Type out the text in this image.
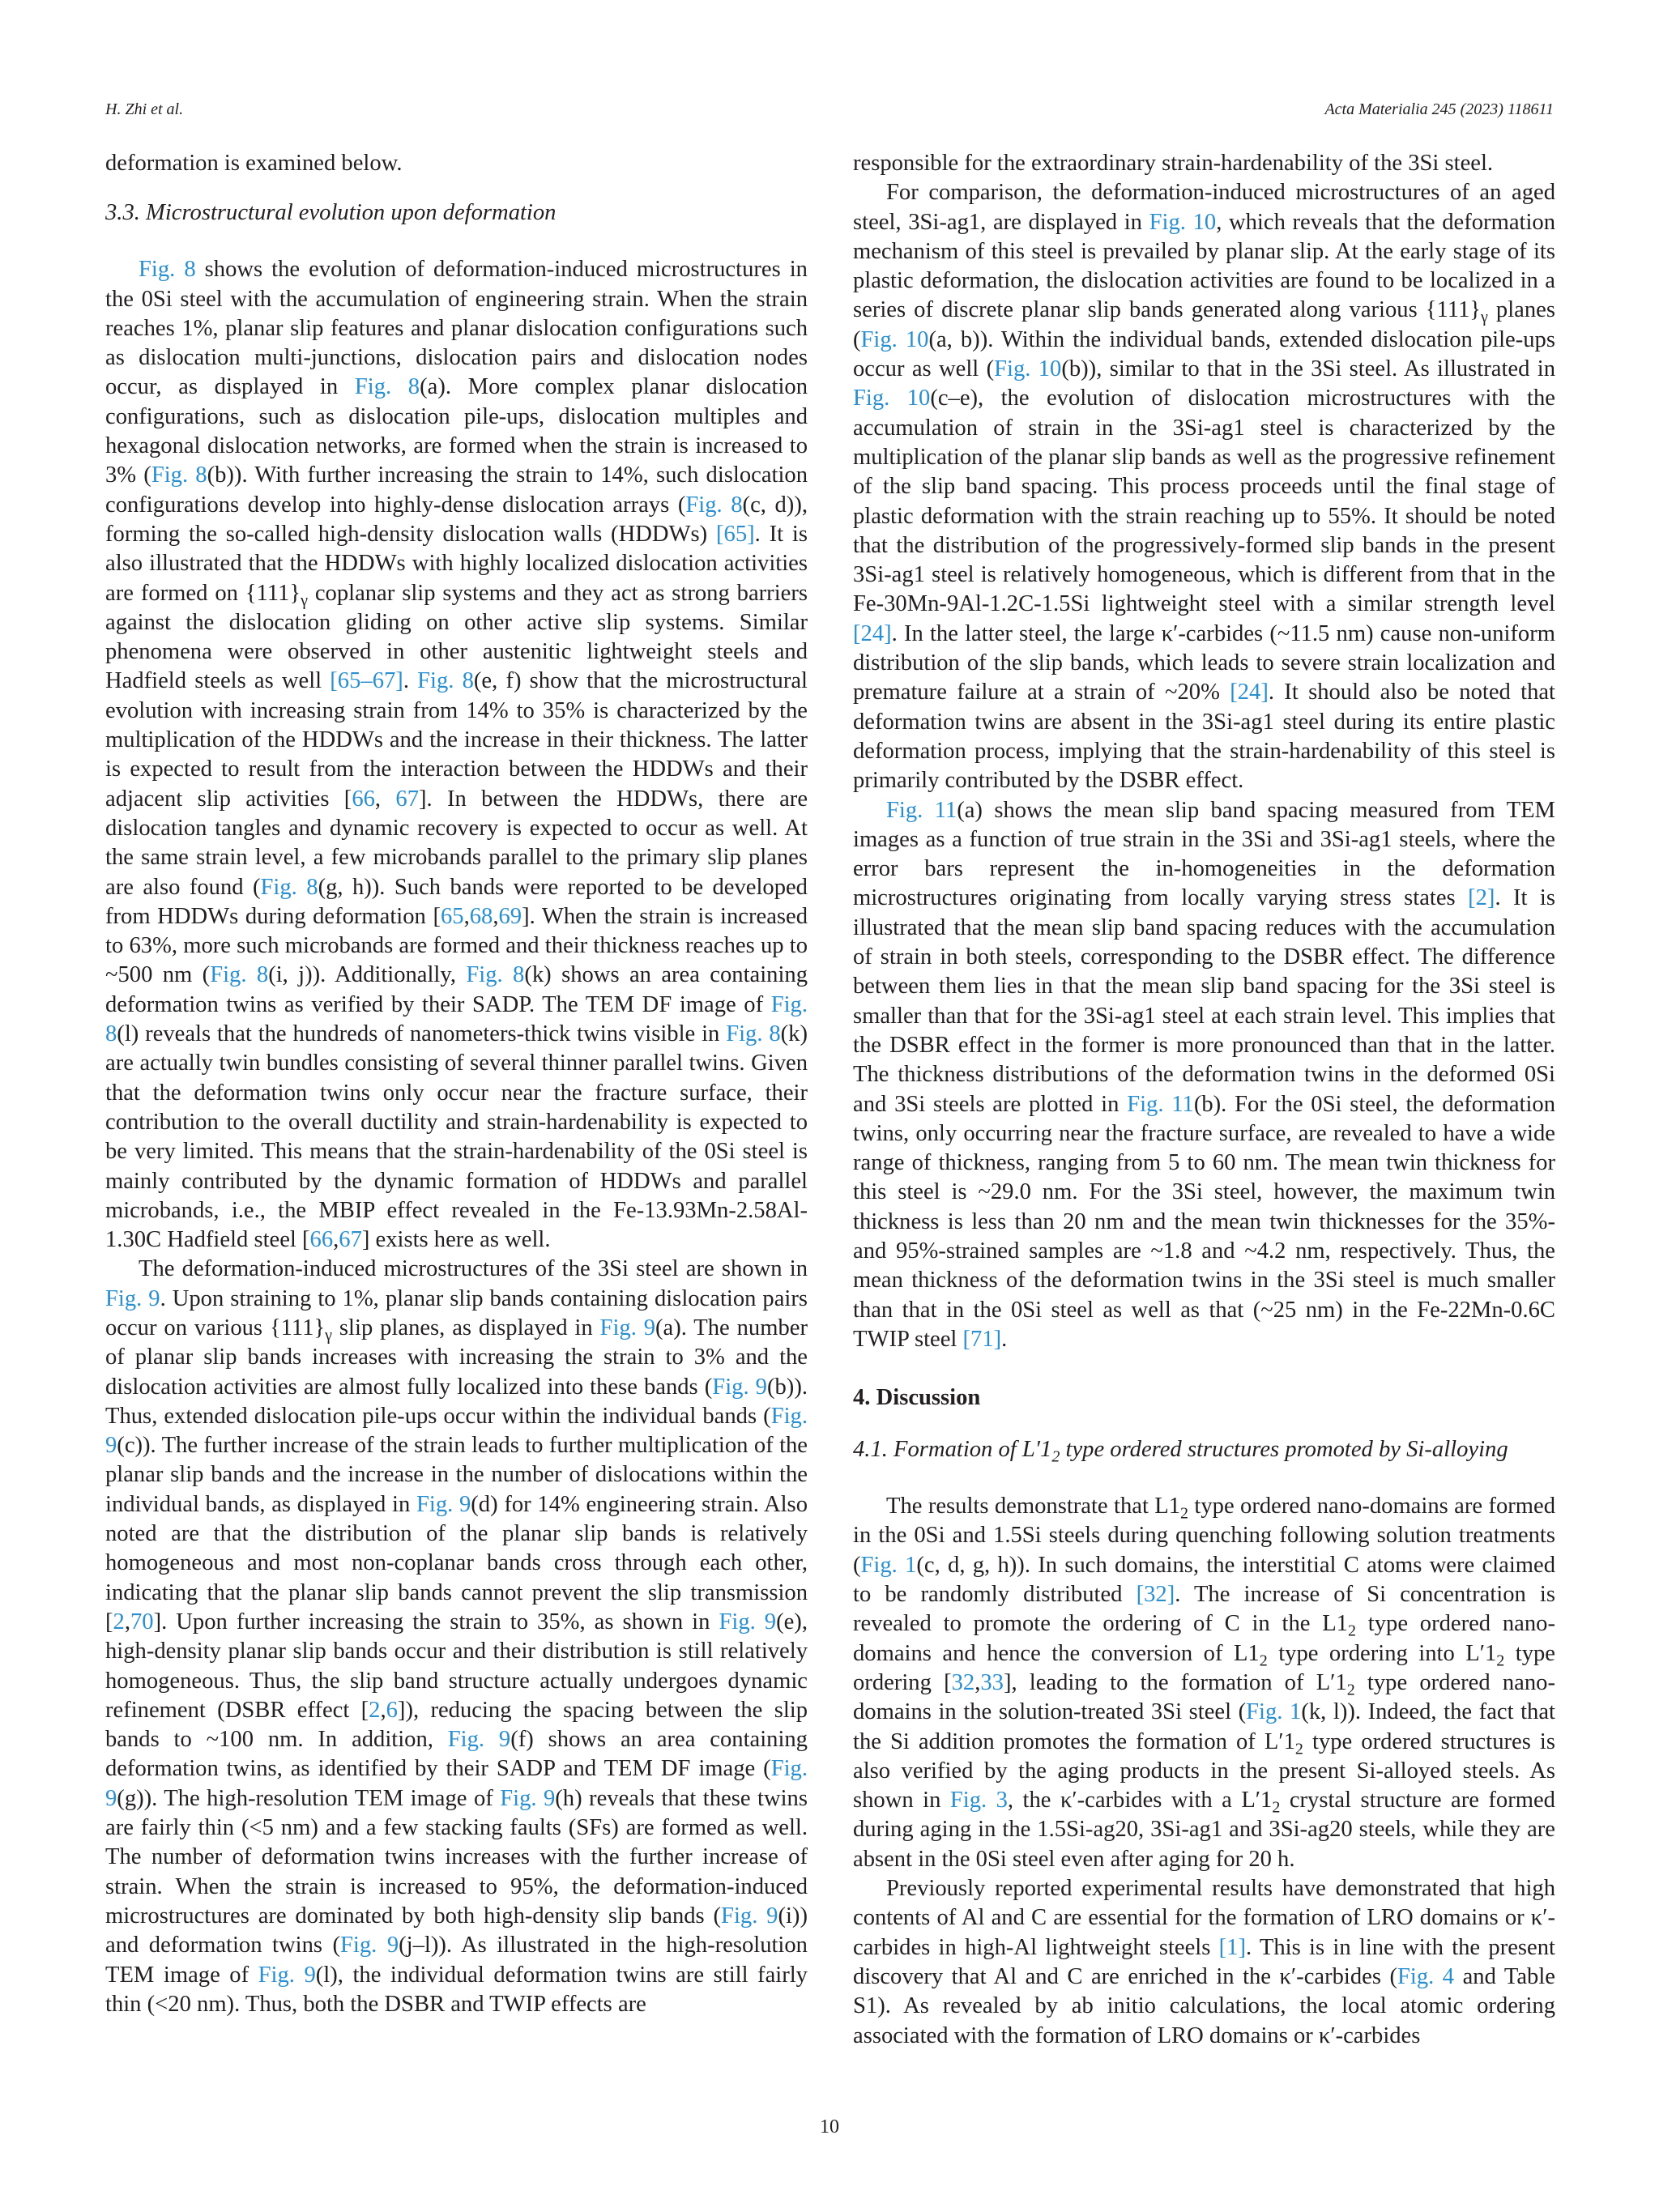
H. Zhi et al.	Acta Materialia 245 (2023) 118611

deformation is examined below.

3.3. Microstructural evolution upon deformation

Fig. 8 shows the evolution of deformation-induced microstructures in the 0Si steel with the accumulation of engineering strain. When the strain reaches 1%, planar slip features and planar dislocation configurations such as dislocation multi-junctions, dislocation pairs and dislocation nodes occur, as displayed in Fig. 8(a). More complex planar dislocation configurations, such as dislocation pile-ups, dislocation multiples and hexagonal dislocation networks, are formed when the strain is increased to 3% (Fig. 8(b)). With further increasing the strain to 14%, such dislocation configurations develop into highly-dense dislocation arrays (Fig. 8(c, d)), forming the so-called high-density dislocation walls (HDDWs) [65]. It is also illustrated that the HDDWs with highly localized dislocation activities are formed on $\{111\}_\gamma$ coplanar slip systems and they act as strong barriers against the dislocation gliding on other active slip systems. Similar phenomena were observed in other austenitic lightweight steels and Hadfield steels as well [65–67]. Fig. 8(e, f) show that the microstructural evolution with increasing strain from 14% to 35% is characterized by the multiplication of the HDDWs and the increase in their thickness. The latter is expected to result from the interaction between the HDDWs and their adjacent slip activities [66, 67]. In between the HDDWs, there are dislocation tangles and dynamic recovery is expected to occur as well. At the same strain level, a few microbands parallel to the primary slip planes are also found (Fig. 8(g, h)). Such bands were reported to be developed from HDDWs during deformation [65,68,69]. When the strain is increased to 63%, more such microbands are formed and their thickness reaches up to ~500 nm (Fig. 8(i, j)). Additionally, Fig. 8(k) shows an area containing deformation twins as verified by their SADP. The TEM DF image of Fig. 8(l) reveals that the hundreds of nanometers-thick twins visible in Fig. 8(k) are actually twin bundles consisting of several thinner parallel twins. Given that the deformation twins only occur near the fracture surface, their contribution to the overall ductility and strain-hardenability is expected to be very limited. This means that the strain-hardenability of the 0Si steel is mainly contributed by the dynamic formation of HDDWs and parallel microbands, i.e., the MBIP effect revealed in the Fe-13.93Mn-2.58Al-1.30C Hadfield steel [66,67] exists here as well.

The deformation-induced microstructures of the 3Si steel are shown in Fig. 9. Upon straining to 1%, planar slip bands containing dislocation pairs occur on various $\{111\}_\gamma$ slip planes, as displayed in Fig. 9(a). The number of planar slip bands increases with increasing the strain to 3% and the dislocation activities are almost fully localized into these bands (Fig. 9(b)). Thus, extended dislocation pile-ups occur within the individual bands (Fig. 9(c)). The further increase of the strain leads to further multiplication of the planar slip bands and the increase in the number of dislocations within the individual bands, as displayed in Fig. 9(d) for 14% engineering strain. Also noted are that the distribution of the planar slip bands is relatively homogeneous and most non-coplanar bands cross through each other, indicating that the planar slip bands cannot prevent the slip transmission [2,70]. Upon further increasing the strain to 35%, as shown in Fig. 9(e), high-density planar slip bands occur and their distribution is still relatively homogeneous. Thus, the slip band structure actually undergoes dynamic refinement (DSBR effect [2,6]), reducing the spacing between the slip bands to ~100 nm. In addition, Fig. 9(f) shows an area containing deformation twins, as identified by their SADP and TEM DF image (Fig. 9(g)). The high-resolution TEM image of Fig. 9(h) reveals that these twins are fairly thin (<5 nm) and a few stacking faults (SFs) are formed as well. The number of deformation twins increases with the further increase of strain. When the strain is increased to 95%, the deformation-induced microstructures are dominated by both high-density slip bands (Fig. 9(i)) and deformation twins (Fig. 9(j–l)). As illustrated in the high-resolution TEM image of Fig. 9(l), the individual deformation twins are still fairly thin (<20 nm). Thus, both the DSBR and TWIP effects are

responsible for the extraordinary strain-hardenability of the 3Si steel.

For comparison, the deformation-induced microstructures of an aged steel, 3Si-ag1, are displayed in Fig. 10, which reveals that the deformation mechanism of this steel is prevailed by planar slip. At the early stage of its plastic deformation, the dislocation activities are found to be localized in a series of discrete planar slip bands generated along various $\{111\}_\gamma$ planes (Fig. 10(a, b)). Within the individual bands, extended dislocation pile-ups occur as well (Fig. 10(b)), similar to that in the 3Si steel. As illustrated in Fig. 10(c–e), the evolution of dislocation microstructures with the accumulation of strain in the 3Si-ag1 steel is characterized by the multiplication of the planar slip bands as well as the progressive refinement of the slip band spacing. This process proceeds until the final stage of plastic deformation with the strain reaching up to 55%. It should be noted that the distribution of the progressively-formed slip bands in the present 3Si-ag1 steel is relatively homogeneous, which is different from that in the Fe-30Mn-9Al-1.2C-1.5Si lightweight steel with a similar strength level [24]. In the latter steel, the large κ′-carbides (~11.5 nm) cause non-uniform distribution of the slip bands, which leads to severe strain localization and premature failure at a strain of ~20% [24]. It should also be noted that deformation twins are absent in the 3Si-ag1 steel during its entire plastic deformation process, implying that the strain-hardenability of this steel is primarily contributed by the DSBR effect.

Fig. 11(a) shows the mean slip band spacing measured from TEM images as a function of true strain in the 3Si and 3Si-ag1 steels, where the error bars represent the in-homogeneities in the deformation microstructures originating from locally varying stress states [2]. It is illustrated that the mean slip band spacing reduces with the accumulation of strain in both steels, corresponding to the DSBR effect. The difference between them lies in that the mean slip band spacing for the 3Si steel is smaller than that for the 3Si-ag1 steel at each strain level. This implies that the DSBR effect in the former is more pronounced than that in the latter. The thickness distributions of the deformation twins in the deformed 0Si and 3Si steels are plotted in Fig. 11(b). For the 0Si steel, the deformation twins, only occurring near the fracture surface, are revealed to have a wide range of thickness, ranging from 5 to 60 nm. The mean twin thickness for this steel is ~29.0 nm. For the 3Si steel, however, the maximum twin thickness is less than 20 nm and the mean twin thicknesses for the 35%- and 95%-strained samples are ~1.8 and ~4.2 nm, respectively. Thus, the mean thickness of the deformation twins in the 3Si steel is much smaller than that in the 0Si steel as well as that (~25 nm) in the Fe-22Mn-0.6C TWIP steel [71].

4. Discussion
4.1. Formation of $L'1_2$ type ordered structures promoted by Si-alloying

The results demonstrate that $L1_2$ type ordered nano-domains are formed in the 0Si and 1.5Si steels during quenching following solution treatments (Fig. 1(c, d, g, h)). In such domains, the interstitial C atoms were claimed to be randomly distributed [32]. The increase of Si concentration is revealed to promote the ordering of C in the $L1_2$ type ordered nano-domains and hence the conversion of $L1_2$ type ordering into $L'1_2$ type ordering [32,33], leading to the formation of $L'1_2$ type ordered nano-domains in the solution-treated 3Si steel (Fig. 1(k, l)). Indeed, the fact that the Si addition promotes the formation of $L'1_2$ type ordered structures is also verified by the aging products in the present Si-alloyed steels. As shown in Fig. 3, the κ′-carbides with a $L'1_2$ crystal structure are formed during aging in the 1.5Si-ag20, 3Si-ag1 and 3Si-ag20 steels, while they are absent in the 0Si steel even after aging for 20 h.

Previously reported experimental results have demonstrated that high contents of Al and C are essential for the formation of LRO domains or κ′-carbides in high-Al lightweight steels [1]. This is in line with the present discovery that Al and C are enriched in the κ′-carbides (Fig. 4 and Table S1). As revealed by ab initio calculations, the local atomic ordering associated with the formation of LRO domains or κ′-carbides

10
